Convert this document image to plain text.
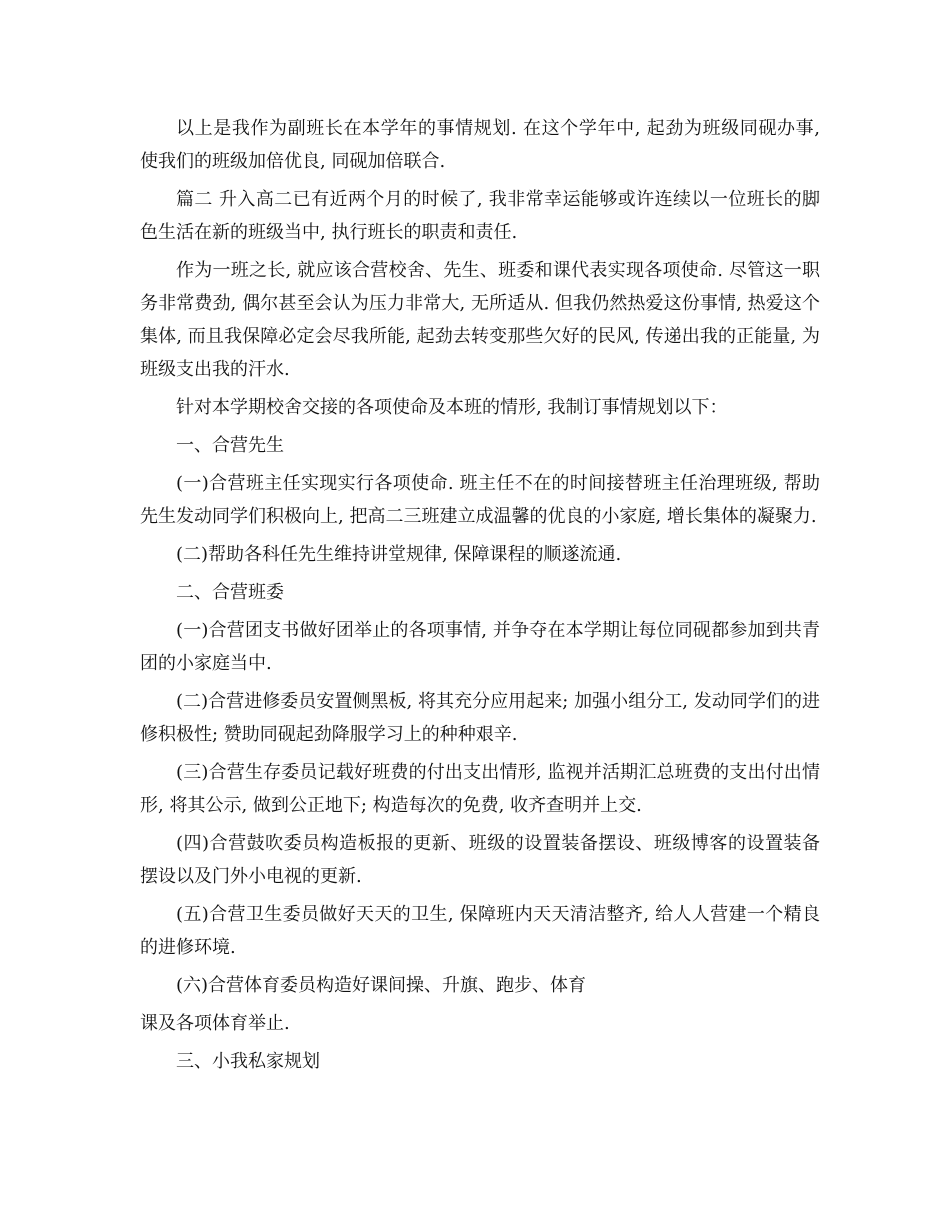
以上是我作为副班长在本学年的事情规划. 在这个学年中, 起劲为班级同砚办事, 使我们的班级加倍优良, 同砚加倍联合.

篇二 升入高二已有近两个月的时候了, 我非常幸运能够或许连续以一位班长的脚色生活在新的班级当中, 执行班长的职责和责任.

作为一班之长, 就应该合营校舍、先生、班委和课代表实现各项使命. 尽管这一职务非常费劲, 偶尔甚至会认为压力非常大, 无所适从. 但我仍然热爱这份事情, 热爱这个集体, 而且我保障必定会尽我所能, 起劲去转变那些欠好的民风, 传递出我的正能量, 为班级支出我的汗水.

针对本学期校舍交接的各项使命及本班的情形, 我制订事情规划以下：

一、合营先生

(一)合营班主任实现实行各项使命. 班主任不在的时间接替班主任治理班级, 帮助先生发动同学们积极向上, 把高二三班建立成温馨的优良的小家庭, 增长集体的凝聚力.

(二)帮助各科任先生维持讲堂规律, 保障课程的顺遂流通.

二、合营班委

(一)合营团支书做好团举止的各项事情, 并争夺在本学期让每位同砚都参加到共青团的小家庭当中.

(二)合营进修委员安置侧黑板, 将其充分应用起来; 加强小组分工, 发动同学们的进修积极性; 赞助同砚起劲降服学习上的种种艰辛.

(三)合营生存委员记载好班费的付出支出情形, 监视并活期汇总班费的支出付出情形, 将其公示, 做到公正地下; 构造每次的免费, 收齐查明并上交.

(四)合营鼓吹委员构造板报的更新、班级的设置装备摆设、班级博客的设置装备摆设以及门外小电视的更新.

(五)合营卫生委员做好天天的卫生, 保障班内天天清洁整齐, 给人人营建一个精良的进修环境.

(六)合营体育委员构造好课间操、升旗、跑步、体育

课及各项体育举止.

三、小我私家规划
